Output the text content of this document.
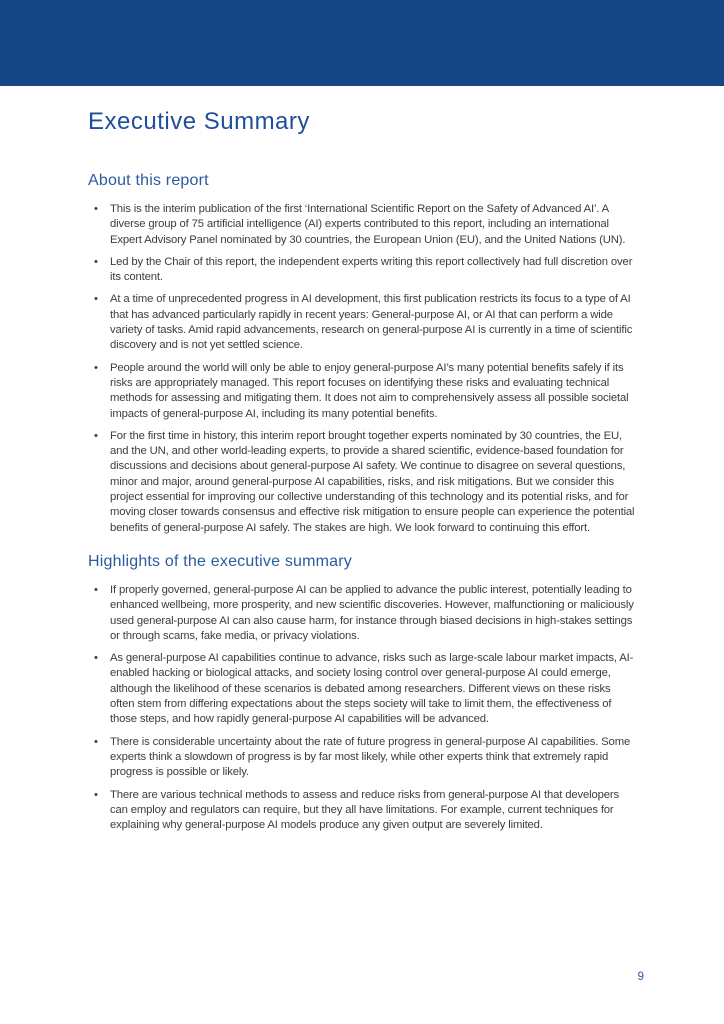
Executive Summary
About this report
• This is the interim publication of the first ‘International Scientific Report on the Safety of Advanced AI’. A diverse group of 75 artificial intelligence (AI) experts contributed to this report, including an international Expert Advisory Panel nominated by 30 countries, the European Union (EU), and the United Nations (UN).
• Led by the Chair of this report, the independent experts writing this report collectively had full discretion over its content.
• At a time of unprecedented progress in AI development, this first publication restricts its focus to a type of AI that has advanced particularly rapidly in recent years: General-purpose AI, or AI that can perform a wide variety of tasks. Amid rapid advancements, research on general-purpose AI is currently in a time of scientific discovery and is not yet settled science.
• People around the world will only be able to enjoy general-purpose AI’s many potential benefits safely if its risks are appropriately managed. This report focuses on identifying these risks and evaluating technical methods for assessing and mitigating them. It does not aim to comprehensively assess all possible societal impacts of general-purpose AI, including its many potential benefits.
• For the first time in history, this interim report brought together experts nominated by 30 countries, the EU, and the UN, and other world-leading experts, to provide a shared scientific, evidence-based foundation for discussions and decisions about general-purpose AI safety. We continue to disagree on several questions, minor and major, around general-purpose AI capabilities, risks, and risk mitigations. But we consider this project essential for improving our collective understanding of this technology and its potential risks, and for moving closer towards consensus and effective risk mitigation to ensure people can experience the potential benefits of general-purpose AI safely. The stakes are high. We look forward to continuing this effort.
Highlights of the executive summary
• If properly governed, general-purpose AI can be applied to advance the public interest, potentially leading to enhanced wellbeing, more prosperity, and new scientific discoveries. However, malfunctioning or maliciously used general-purpose AI can also cause harm, for instance through biased decisions in high-stakes settings or through scams, fake media, or privacy violations.
• As general-purpose AI capabilities continue to advance, risks such as large-scale labour market impacts, AI-enabled hacking or biological attacks, and society losing control over general-purpose AI could emerge, although the likelihood of these scenarios is debated among researchers. Different views on these risks often stem from differing expectations about the steps society will take to limit them, the effectiveness of those steps, and how rapidly general-purpose AI capabilities will be advanced.
• There is considerable uncertainty about the rate of future progress in general-purpose AI capabilities. Some experts think a slowdown of progress is by far most likely, while other experts think that extremely rapid progress is possible or likely.
• There are various technical methods to assess and reduce risks from general-purpose AI that developers can employ and regulators can require, but they all have limitations. For example, current techniques for explaining why general-purpose AI models produce any given output are severely limited.
9
